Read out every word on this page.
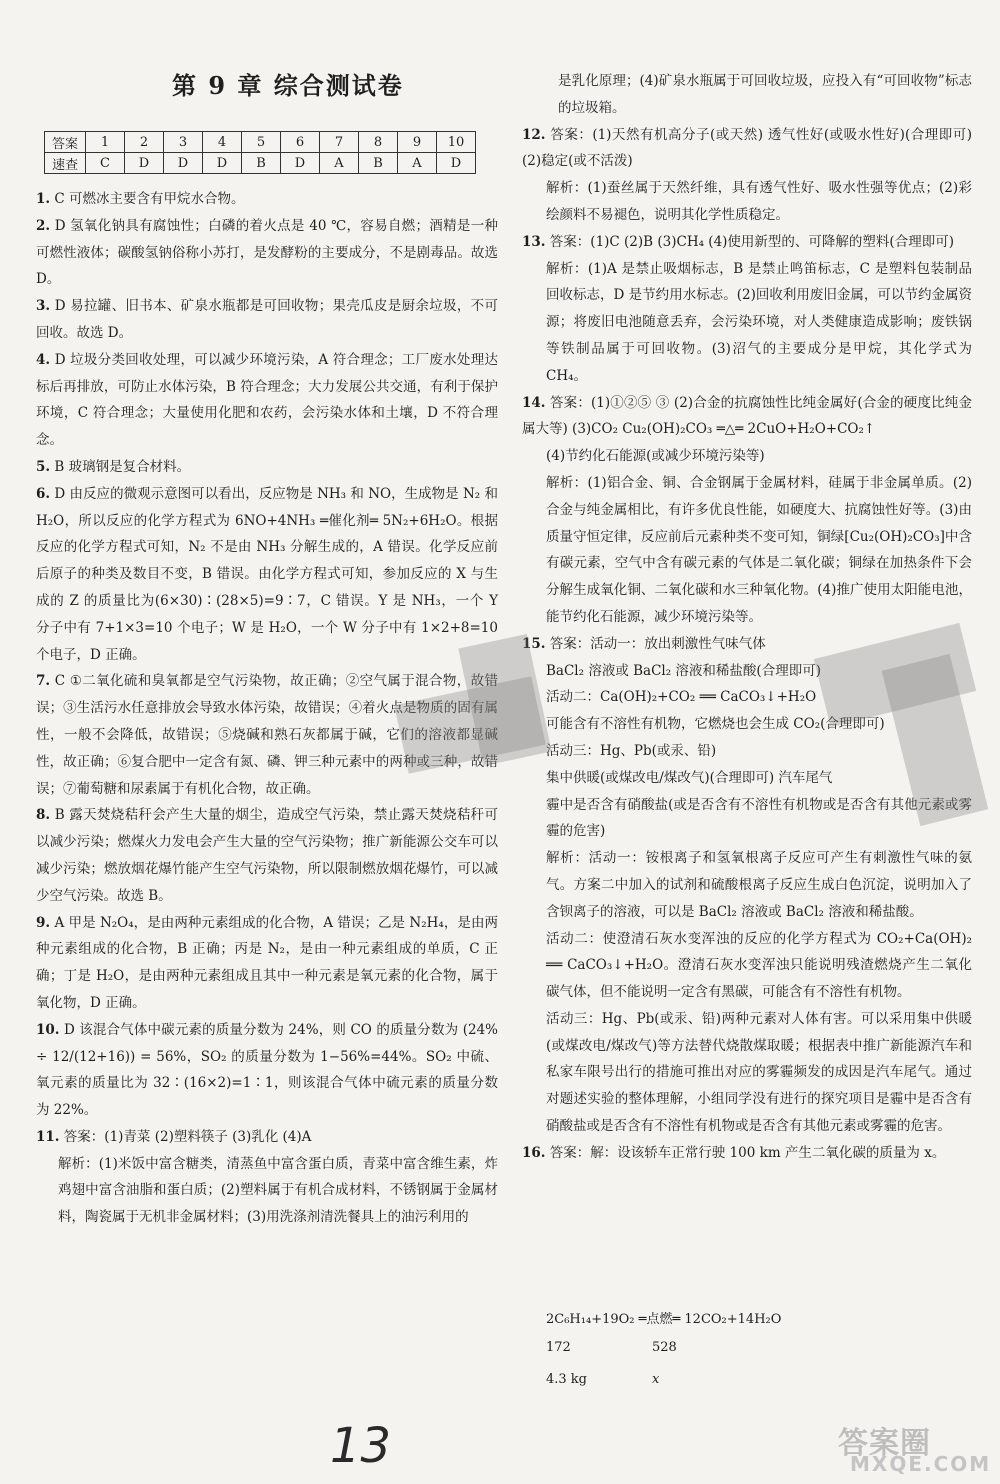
第 9 章 综合测试卷
答案	1	2	3	4	5	6	7	8	9	10
速查	C	D	D	D	B	D	A	B	A	D

1. C 可燃冰主要含有甲烷水合物。

2. D 氢氧化钠具有腐蚀性；白磷的着火点是 40 ℃，容易自燃；酒精是一种可燃性液体；碳酸氢钠俗称小苏打，是发酵粉的主要成分，不是剧毒品。故选 D。

3. D 易拉罐、旧书本、矿泉水瓶都是可回收物；果壳瓜皮是厨余垃圾，不可回收。故选 D。

4. D 垃圾分类回收处理，可以减少环境污染，A 符合理念；工厂废水处理达标后再排放，可防止水体污染，B 符合理念；大力发展公共交通，有利于保护环境，C 符合理念；大量使用化肥和农药，会污染水体和土壤，D 不符合理念。

5. B 玻璃钢是复合材料。

6. D 由反应的微观示意图可以看出，反应物是 NH₃ 和 NO，生成物是 N₂ 和 H₂O，所以反应的化学方程式为 6NO+4NH₃ ═催化剂═ 5N₂+6H₂O。根据反应的化学方程式可知，N₂ 不是由 NH₃ 分解生成的，A 错误。化学反应前后原子的种类及数目不变，B 错误。由化学方程式可知，参加反应的 X 与生成的 Z 的质量比为(6×30)∶(28×5)=9∶7，C 错误。Y 是 NH₃，一个 Y 分子中有 7+1×3=10 个电子；W 是 H₂O，一个 W 分子中有 1×2+8=10 个电子，D 正确。

7. C ①二氧化硫和臭氧都是空气污染物，故正确；②空气属于混合物，故错误；③生活污水任意排放会导致水体污染，故错误；④着火点是物质的固有属性，一般不会降低，故错误；⑤烧碱和熟石灰都属于碱，它们的溶液都显碱性，故正确；⑥复合肥中一定含有氮、磷、钾三种元素中的两种或三种，故错误；⑦葡萄糖和尿素属于有机化合物，故正确。

8. B 露天焚烧秸秆会产生大量的烟尘，造成空气污染，禁止露天焚烧秸秆可以减少污染；燃煤火力发电会产生大量的空气污染物；推广新能源公交车可以减少污染；燃放烟花爆竹能产生空气污染物，所以限制燃放烟花爆竹，可以减少空气污染。故选 B。

9. A 甲是 N₂O₄，是由两种元素组成的化合物，A 错误；乙是 N₂H₄，是由两种元素组成的化合物，B 正确；丙是 N₂，是由一种元素组成的单质，C 正确；丁是 H₂O，是由两种元素组成且其中一种元素是氧元素的化合物，属于氧化物，D 正确。

10. D 该混合气体中碳元素的质量分数为 24%，则 CO 的质量分数为 (24% ÷ 12/(12+16)) = 56%，SO₂ 的质量分数为 1−56%=44%。SO₂ 中硫、氧元素的质量比为 32∶(16×2)=1∶1，则该混合气体中硫元素的质量分数为 22%。

11. 答案：(1)青菜 (2)塑料筷子 (3)乳化 (4)A

解析：(1)米饭中富含糖类，清蒸鱼中富含蛋白质，青菜中富含维生素，炸鸡翅中富含油脂和蛋白质；(2)塑料属于有机合成材料，不锈钢属于金属材料，陶瓷属于无机非金属材料；(3)用洗涤剂清洗餐具上的油污利用的

是乳化原理；(4)矿泉水瓶属于可回收垃圾，应投入有“可回收物”标志的垃圾箱。

12. 答案：(1)天然有机高分子(或天然) 透气性好(或吸水性好)(合理即可) (2)稳定(或不活泼)

解析：(1)蚕丝属于天然纤维，具有透气性好、吸水性强等优点；(2)彩绘颜料不易褪色，说明其化学性质稳定。

13. 答案：(1)C (2)B (3)CH₄ (4)使用新型的、可降解的塑料(合理即可)

解析：(1)A 是禁止吸烟标志，B 是禁止鸣笛标志，C 是塑料包装制品回收标志，D 是节约用水标志。(2)回收利用废旧金属，可以节约金属资源；将废旧电池随意丢弃，会污染环境，对人类健康造成影响；废铁锅等铁制品属于可回收物。(3)沼气的主要成分是甲烷，其化学式为 CH₄。

14. 答案：(1)①②⑤ ③ (2)合金的抗腐蚀性比纯金属好(合金的硬度比纯金属大等) (3)CO₂ Cu₂(OH)₂CO₃ ═△═ 2CuO+H₂O+CO₂↑

(4)节约化石能源(或减少环境污染等)

解析：(1)铝合金、铜、合金钢属于金属材料，硅属于非金属单质。(2)合金与纯金属相比，有许多优良性能，如硬度大、抗腐蚀性好等。(3)由质量守恒定律，反应前后元素种类不变可知，铜绿[Cu₂(OH)₂CO₃]中含有碳元素，空气中含有碳元素的气体是二氧化碳；铜绿在加热条件下会分解生成氧化铜、二氧化碳和水三种氧化物。(4)推广使用太阳能电池，能节约化石能源，减少环境污染等。

15. 答案：活动一：放出刺激性气味气体

BaCl₂ 溶液或 BaCl₂ 溶液和稀盐酸(合理即可)

活动二：Ca(OH)₂+CO₂ ══ CaCO₃↓+H₂O

可能含有不溶性有机物，它燃烧也会生成 CO₂(合理即可)

活动三：Hg、Pb(或汞、铅)

集中供暖(或煤改电/煤改气)(合理即可) 汽车尾气

霾中是否含有硝酸盐(或是否含有不溶性有机物或是否含有其他元素或雾霾的危害)

解析：活动一：铵根离子和氢氧根离子反应可产生有刺激性气味的氨气。方案二中加入的试剂和硫酸根离子反应生成白色沉淀，说明加入了含钡离子的溶液，可以是 BaCl₂ 溶液或 BaCl₂ 溶液和稀盐酸。

活动二：使澄清石灰水变浑浊的反应的化学方程式为 CO₂+Ca(OH)₂ ══ CaCO₃↓+H₂O。澄清石灰水变浑浊只能说明残渣燃烧产生二氧化碳气体，但不能说明一定含有黑碳，可能含有不溶性有机物。

活动三：Hg、Pb(或汞、铅)两种元素对人体有害。可以采用集中供暖(或煤改电/煤改气)等方法替代烧散煤取暖；根据表中推广新能源汽车和私家车限号出行的措施可推出对应的雾霾频发的成因是汽车尾气。通过对题述实验的整体理解，小组同学没有进行的探究项目是霾中是否含有硝酸盐或是否含有不溶性有机物或是否含有其他元素或雾霾的危害。

16. 答案：解：设该轿车正常行驶 100 km 产生二氧化碳的质量为 x。

2C₆H₁₄+19O₂ ═点燃═ 12CO₂+14H₂O
172	528
4.3 kg	x
13	答案圈
MXQE.COM
